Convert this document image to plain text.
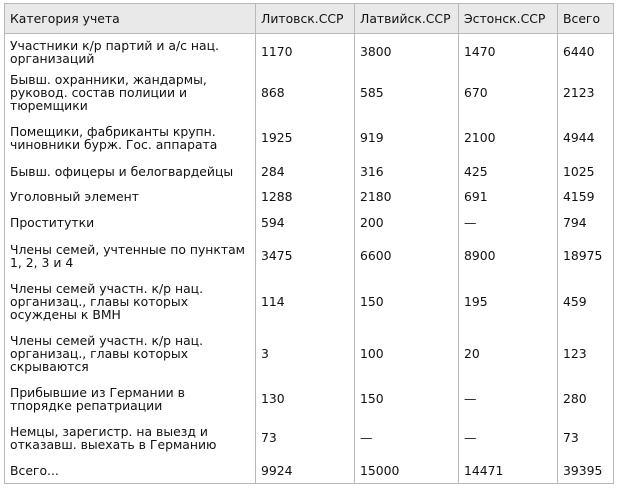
Категория учета	Литовск.ССР	Латвийск.ССР	Эстонск.ССР	Всего
Участники к/р партий и а/с нац. организаций	1170	3800	1470	6440
Бывш. охранники, жандармы, руковод. состав полиции и тюремщики	868	585	670	2123
Помещики, фабриканты крупн. чиновники бурж. Гос. аппарата	1925	919	2100	4944
Бывш. офицеры и белогвардейцы	284	316	425	1025
Уголовный элемент	1288	2180	691	4159
Проститутки	594	200	—	794
Члены семей, учтенные по пунктам 1, 2, 3 и 4	3475	6600	8900	18975
Члены семей участн. к/р нац. организац., главы которых осуждены к ВМН	114	150	195	459
Члены семей участн. к/р нац. организац., главы которых скрываются	3	100	20	123
Прибывшие из Германии в тпорядке репатриации	130	150	—	280
Немцы, зарегистр. на выезд и отказавш. выехать в Германию	73	—	—	73
Всего...	9924	15000	14471	39395
